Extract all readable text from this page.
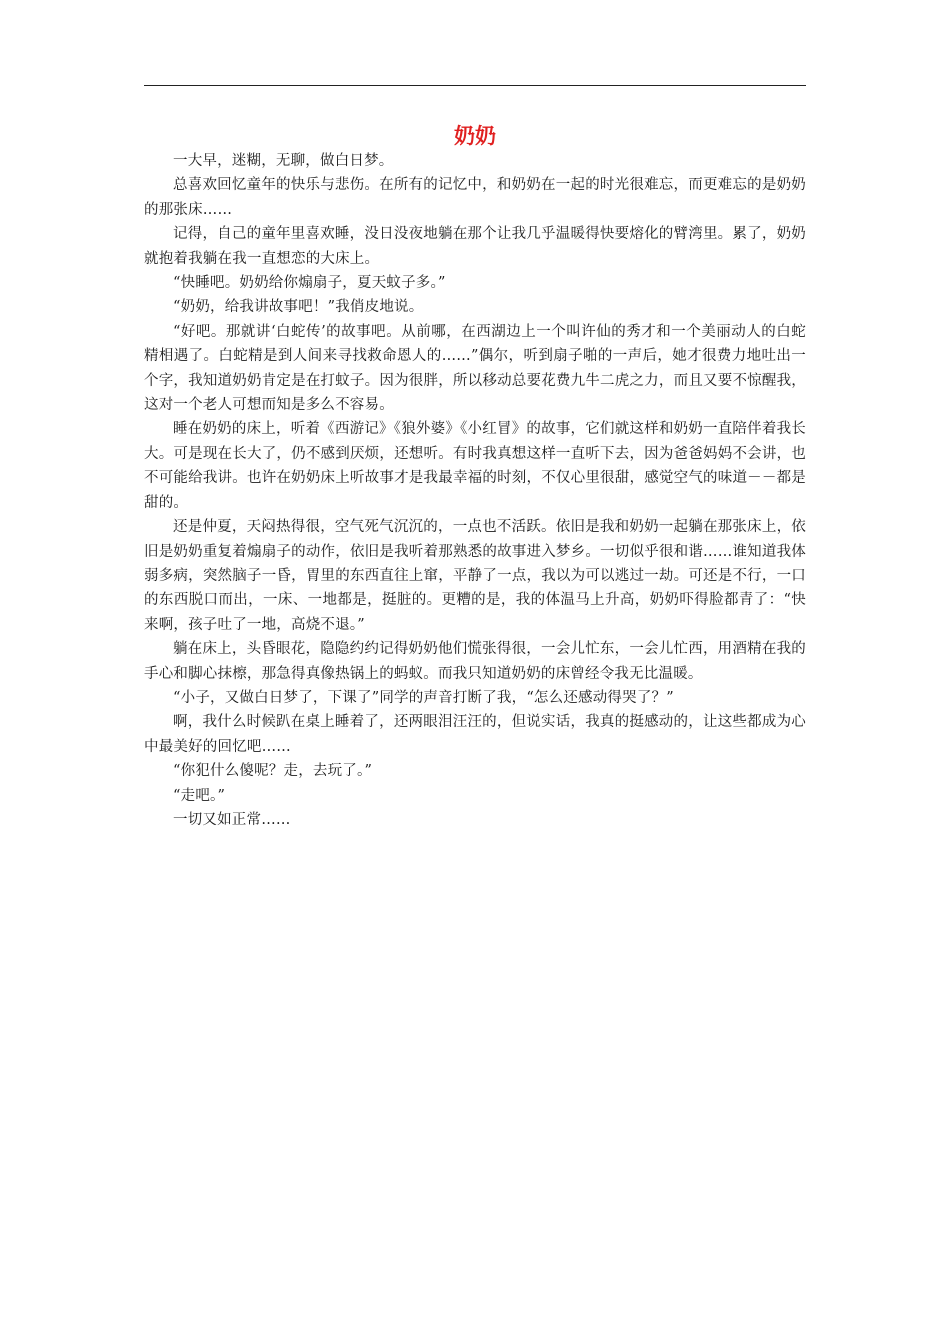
奶奶

一大早，迷糊，无聊，做白日梦。

总喜欢回忆童年的快乐与悲伤。在所有的记忆中，和奶奶在一起的时光很难忘，而更难忘的是奶奶的那张床……

记得，自己的童年里喜欢睡，没日没夜地躺在那个让我几乎温暖得快要熔化的臂湾里。累了，奶奶就抱着我躺在我一直想恋的大床上。

“快睡吧。奶奶给你煽扇子，夏天蚊子多。”

“奶奶，给我讲故事吧！”我俏皮地说。

“好吧。那就讲‘白蛇传’的故事吧。从前哪，在西湖边上一个叫许仙的秀才和一个美丽动人的白蛇精相遇了。白蛇精是到人间来寻找救命恩人的……”偶尔，听到扇子啪的一声后，她才很费力地吐出一个字，我知道奶奶肯定是在打蚊子。因为很胖，所以移动总要花费九牛二虎之力，而且又要不惊醒我，这对一个老人可想而知是多么不容易。

睡在奶奶的床上，听着《西游记》《狼外婆》《小红冒》的故事，它们就这样和奶奶一直陪伴着我长大。可是现在长大了，仍不感到厌烦，还想听。有时我真想这样一直听下去，因为爸爸妈妈不会讲，也不可能给我讲。也许在奶奶床上听故事才是我最幸福的时刻，不仅心里很甜，感觉空气的味道－－都是甜的。

还是仲夏，天闷热得很，空气死气沉沉的，一点也不活跃。依旧是我和奶奶一起躺在那张床上，依旧是奶奶重复着煽扇子的动作，依旧是我听着那熟悉的故事进入梦乡。一切似乎很和谐……谁知道我体弱多病，突然脑子一昏，胃里的东西直往上窜，平静了一点，我以为可以逃过一劫。可还是不行，一口的东西脱口而出，一床、一地都是，挺脏的。更糟的是，我的体温马上升高，奶奶吓得脸都青了：“快来啊，孩子吐了一地，高烧不退。”

躺在床上，头昏眼花，隐隐约约记得奶奶他们慌张得很，一会儿忙东，一会儿忙西，用酒精在我的手心和脚心抹檫，那急得真像热锅上的蚂蚁。而我只知道奶奶的床曾经令我无比温暖。

“小子，又做白日梦了，下课了”同学的声音打断了我，“怎么还感动得哭了？”

啊，我什么时候趴在桌上睡着了，还两眼泪汪汪的，但说实话，我真的挺感动的，让这些都成为心中最美好的回忆吧……

“你犯什么傻呢？走，去玩了。”

“走吧。”

一切又如正常……
